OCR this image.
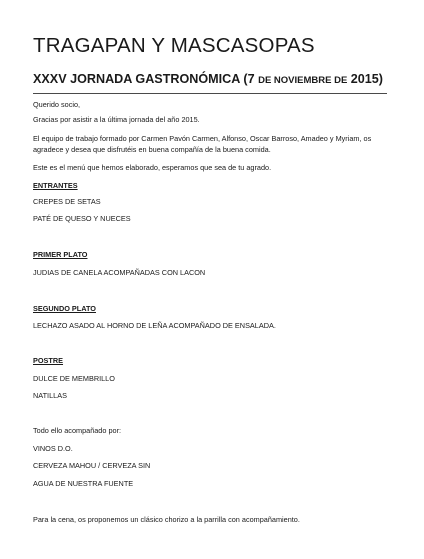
TRAGAPAN Y MASCASOPAS
XXXV JORNADA GASTRONÓMICA (7 DE NOVIEMBRE DE 2015)
Querido socio,
Gracias por asistir a la última jornada del año 2015.
El equipo de trabajo formado por Carmen Pavón Carmen, Alfonso, Oscar Barroso, Amadeo y Myriam, os
agradece y desea que disfrutéis en buena compañía de la buena comida.
Este es el menú que hemos elaborado, esperamos que sea de tu agrado.
ENTRANTES
CREPES DE SETAS
PATÉ DE QUESO Y NUECES
PRIMER PLATO
JUDIAS DE CANELA ACOMPAÑADAS CON LACON
SEGUNDO PLATO
LECHAZO ASADO AL HORNO DE LEÑA ACOMPAÑADO DE ENSALADA.
POSTRE
DULCE DE MEMBRILLO
NATILLAS
Todo ello acompañado por:
VINOS D.O.
CERVEZA MAHOU / CERVEZA SIN
AGUA DE NUESTRA FUENTE
Para la cena, os proponemos un clásico chorizo a la parrilla con acompañamiento.
